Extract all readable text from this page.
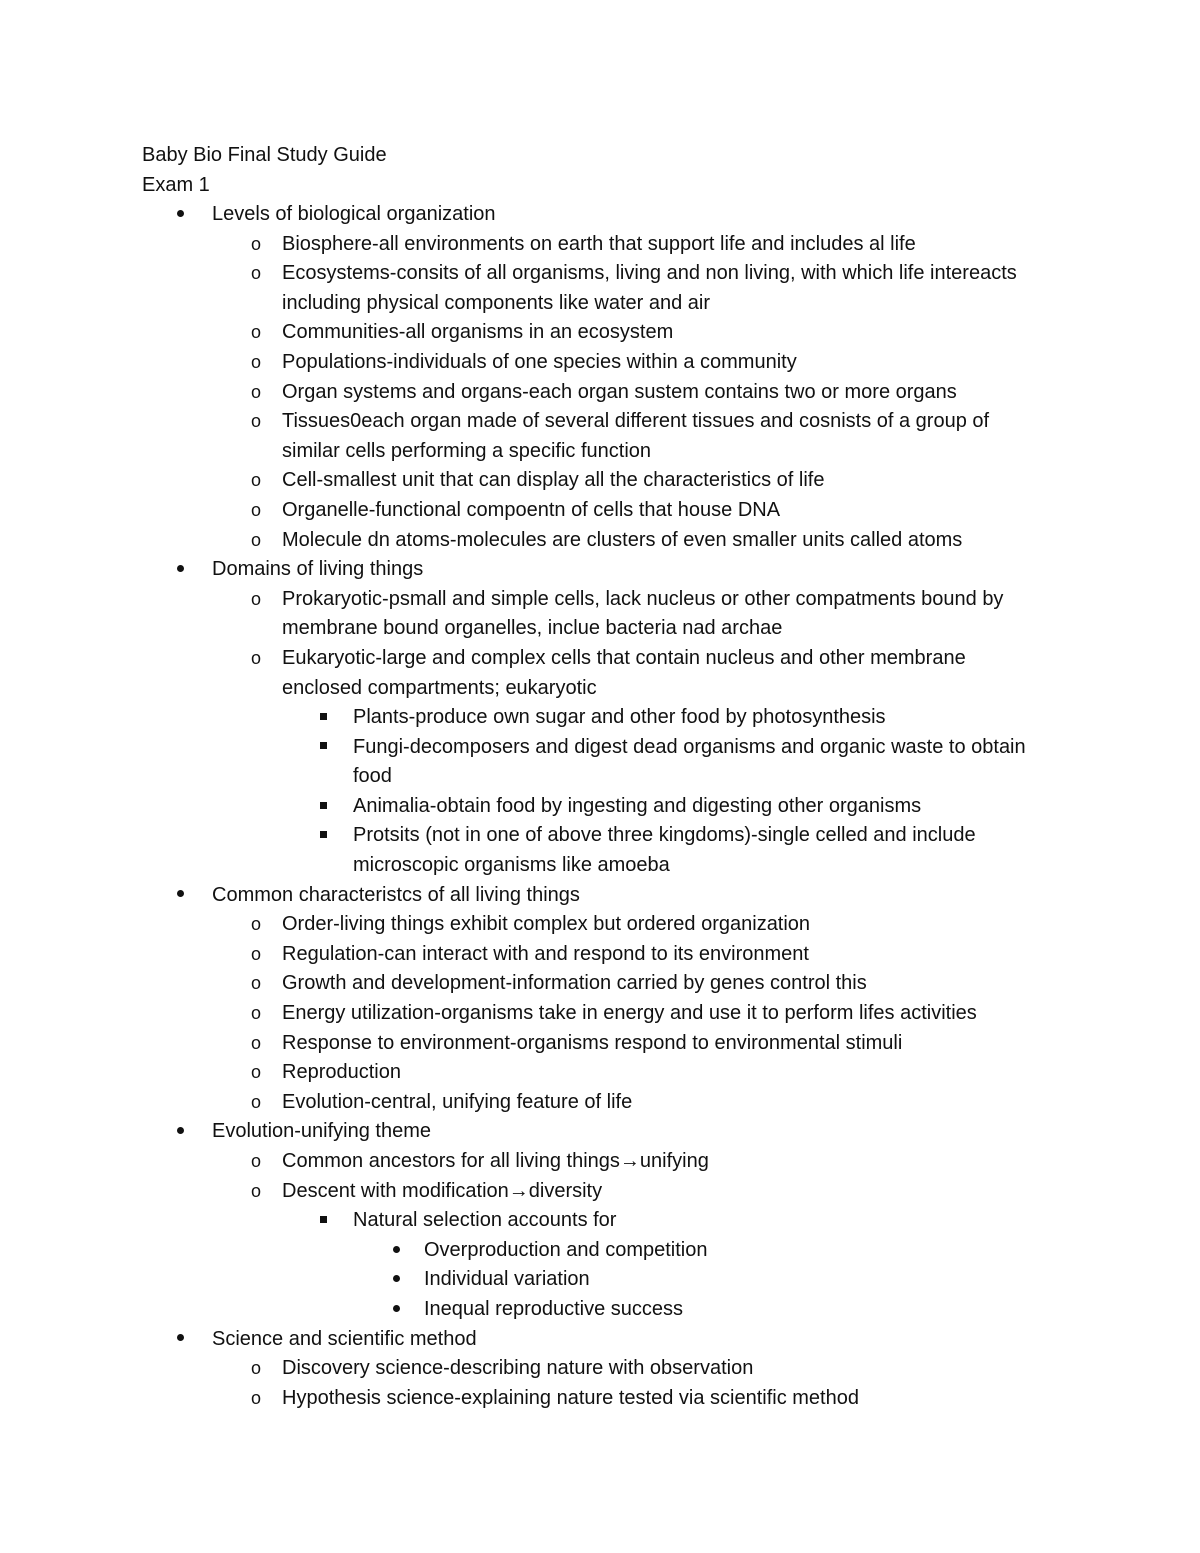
Baby Bio Final Study Guide
Exam 1
Levels of biological organization
o Biosphere-all environments on earth that support life and includes al life
o Ecosystems-consits of all organisms, living and non living, with which life intereacts including physical components like water and air
o Communities-all organisms in an ecosystem
o Populations-individuals of one species within a community
o Organ systems and organs-each organ sustem contains two or more organs
o Tissues0each organ made of several different tissues and cosnists of a group of similar cells performing a specific function
o Cell-smallest unit that can display all the characteristics of life
o Organelle-functional compoentn of cells that house DNA
o Molecule dn atoms-molecules are clusters of even smaller units called atoms
Domains of living things
o Prokaryotic-psmall and simple cells, lack nucleus or other compatments bound by membrane bound organelles, inclue bacteria nad archae
o Eukaryotic-large and complex cells that contain nucleus and other membrane enclosed compartments; eukaryotic
Plants-produce own sugar and other food by photosynthesis
Fungi-decomposers and digest dead organisms and organic waste to obtain food
Animalia-obtain food by ingesting and digesting other organisms
Protsits (not in one of above three kingdoms)-single celled and include microscopic organisms like amoeba
Common characteristcs of all living things
o Order-living things exhibit complex but ordered organization
o Regulation-can interact with and respond to its environment
o Growth and development-information carried by genes control this
o Energy utilization-organisms take in energy and use it to perform lifes activities
o Response to environment-organisms respond to environmental stimuli
o Reproduction
o Evolution-central, unifying feature of life
Evolution-unifying theme
o Common ancestors for all living things→unifying
o Descent with modification→diversity
Natural selection accounts for
Overproduction and competition
Individual variation
Inequal reproductive success
Science and scientific method
o Discovery science-describing nature with observation
o Hypothesis science-explaining nature tested via scientific method
